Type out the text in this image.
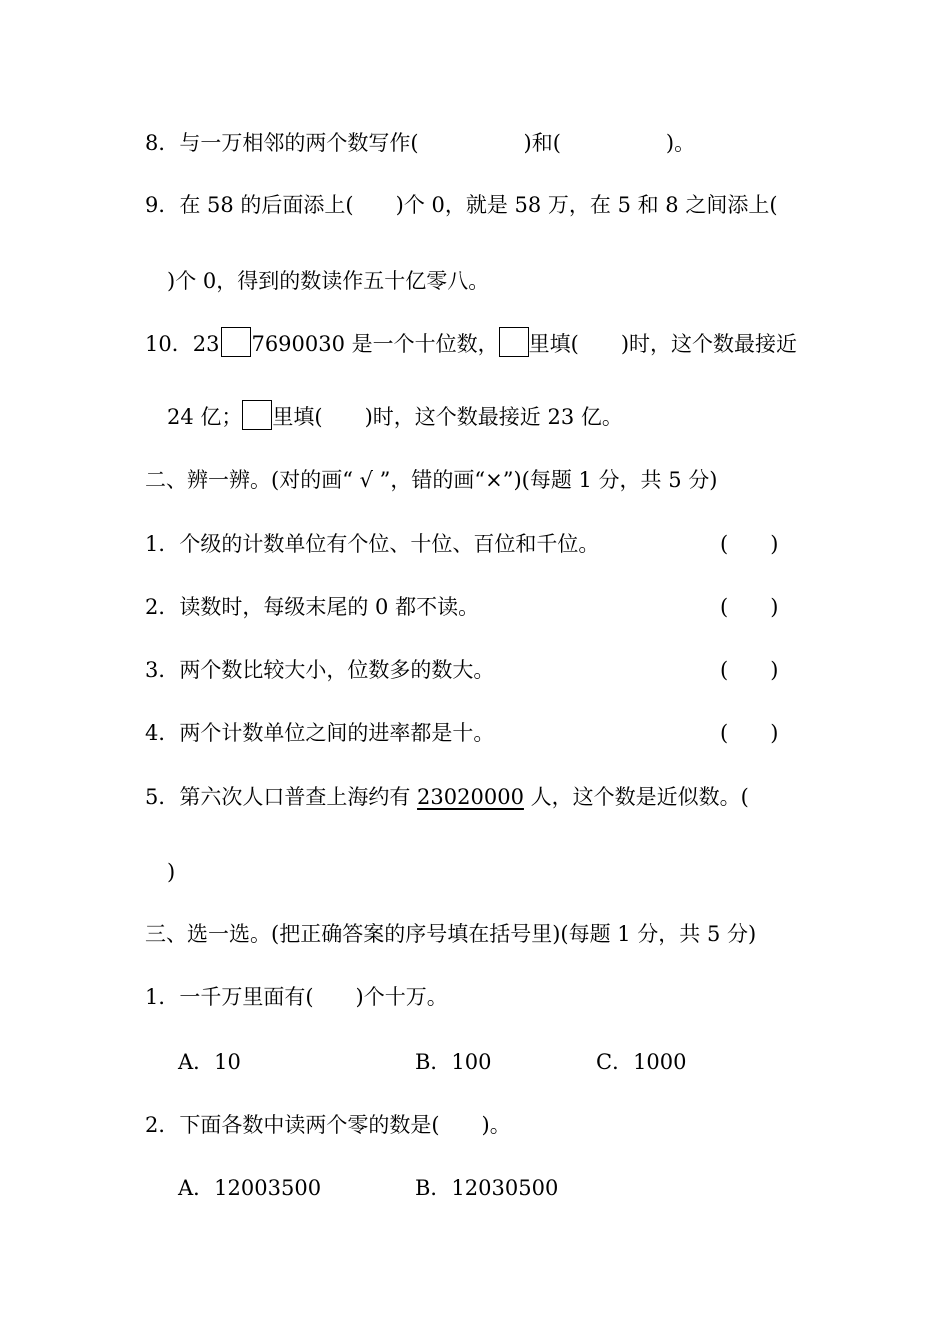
8．与一万相邻的两个数写作(　　　　　)和(　　　　　)。
9．在 58 的后面添上(　　)个 0，就是 58 万，在 5 和 8 之间添上(
)个 0，得到的数读作五十亿零八。
10．23 7690030 是一个十位数， 里填(　　)时，这个数最接近
24 亿； 里填(　　)时，这个数最接近 23 亿。
二、辨一辨。(对的画“ √ ”，错的画“×”)(每题 1 分，共 5 分)
1．个级的计数单位有个位、十位、百位和千位。	(　　)
2．读数时，每级末尾的 0 都不读。	(　　)
3．两个数比较大小，位数多的数大。	(　　)
4．两个计数单位之间的进率都是十。	(　　)
5．第六次人口普查上海约有 23020000 人，这个数是近似数。(
)
三、选一选。(把正确答案的序号填在括号里)(每题 1 分，共 5 分)
1．一千万里面有(　　)个十万。
A．10	B．100	C．1000
2．下面各数中读两个零的数是(　　)。
A．12003500	B．12030500
